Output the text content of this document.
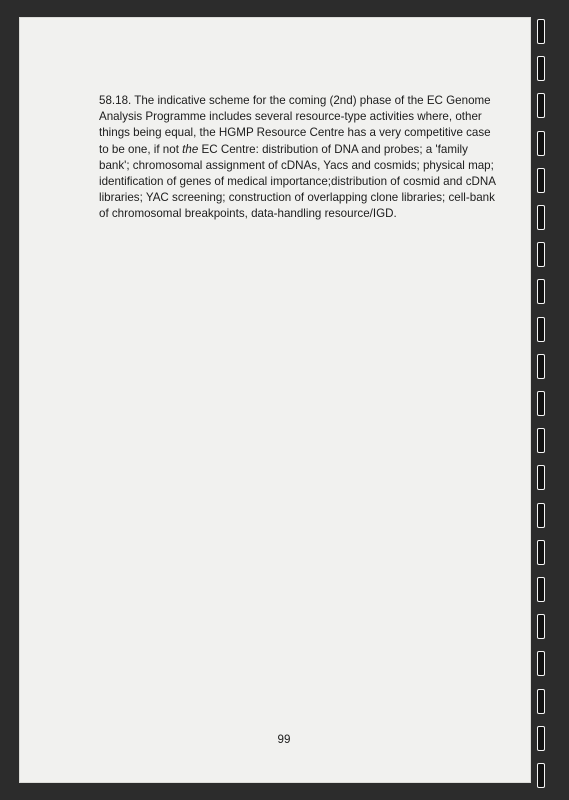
58.18. The indicative scheme for the coming (2nd) phase of the EC Genome
Analysis Programme includes several resource-type activities where, other
things being equal, the HGMP Resource Centre has a very competitive case
to be one, if not the EC Centre: distribution of DNA and probes; a 'family
bank'; chromosomal assignment of cDNAs, Yacs and cosmids; physical map;
identification of genes of medical importance;distribution of cosmid and cDNA
libraries; YAC screening; construction of overlapping clone libraries; cell-bank
of chromosomal breakpoints, data-handling resource/IGD.
99
